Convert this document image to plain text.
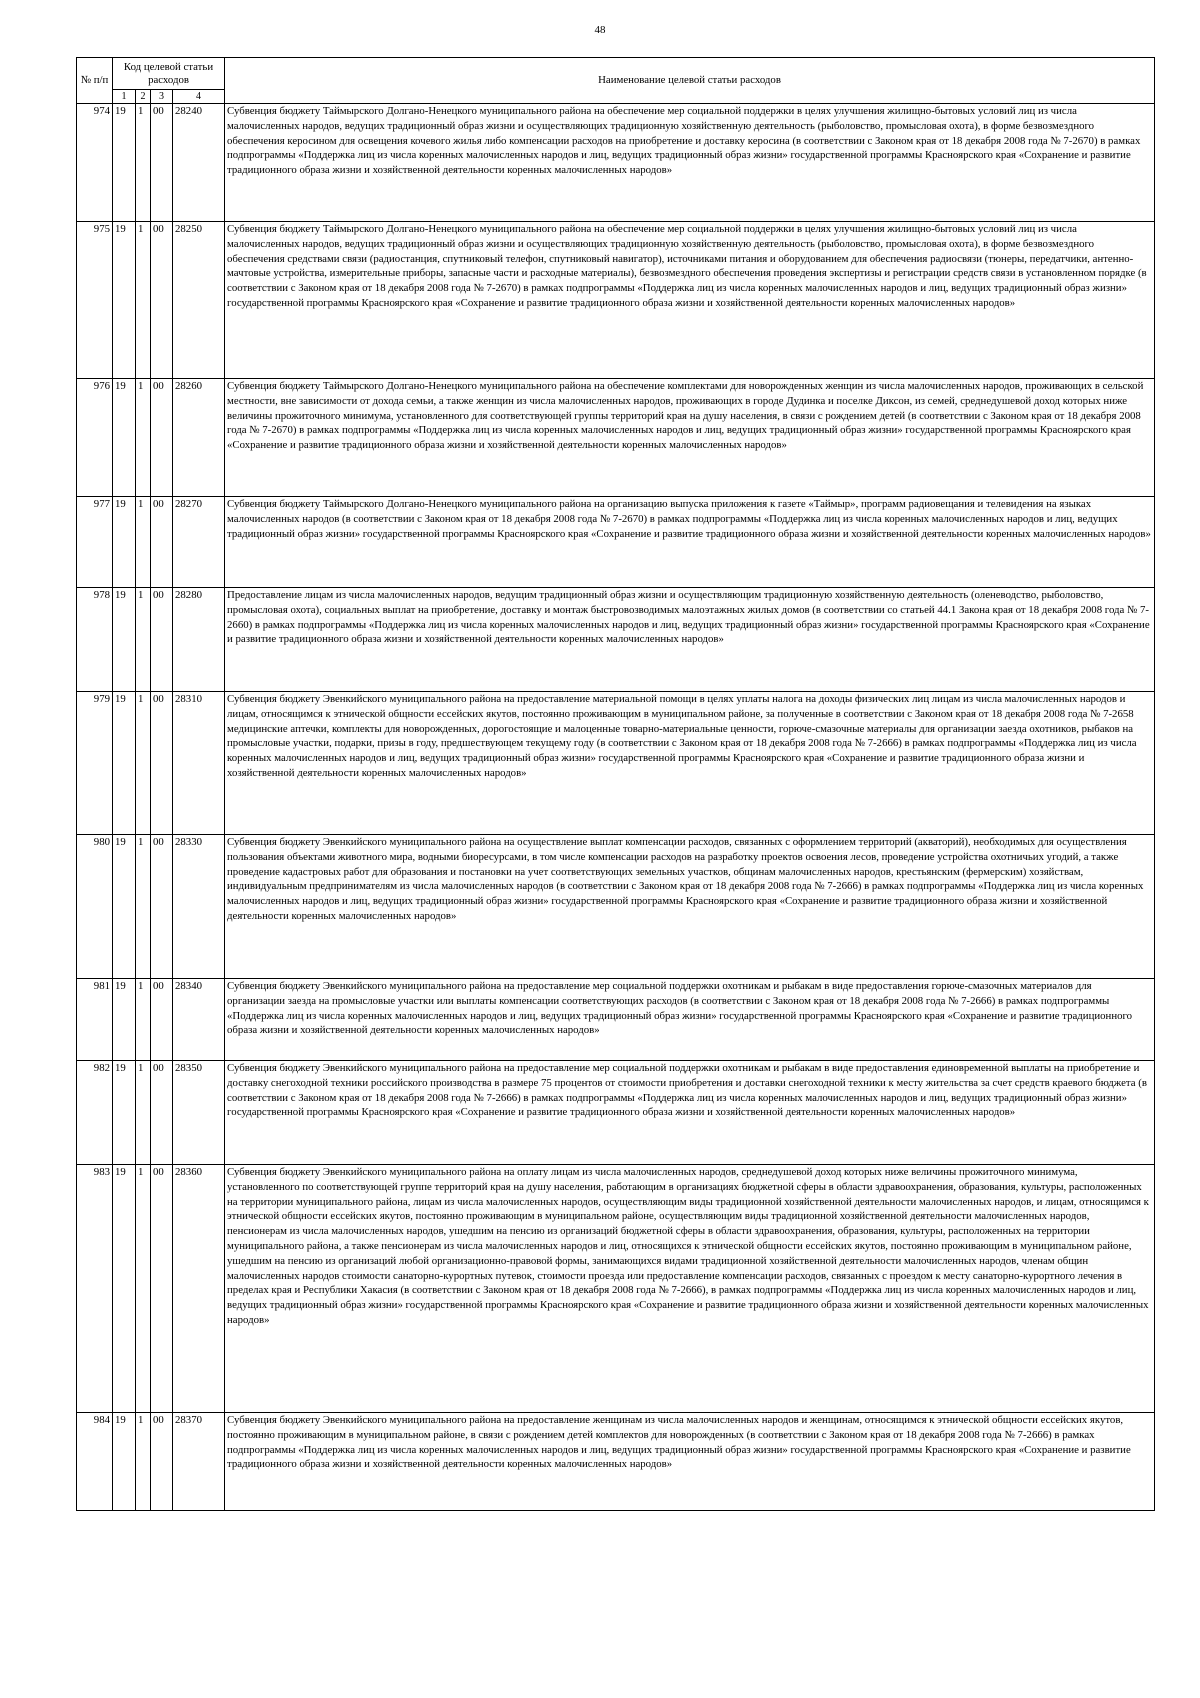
48
№ п/п	Код целевой статьи расходов				Наименование целевой статьи расходов
	1	2	3	4	
974	19	1	00	28240	Субвенция бюджету Таймырского Долгано-Ненецкого муниципального района на обеспечение мер социальной поддержки в целях улучшения жилищно-бытовых условий лиц из числа малочисленных народов, ведущих традиционный образ жизни и осуществляющих традиционную хозяйственную деятельность (рыболовство, промысловая охота), в форме безвозмездного обеспечения керосином для освещения кочевого жилья либо компенсации расходов на приобретение и доставку керосина (в соответствии с Законом края от 18 декабря 2008 года № 7-2670) в рамках подпрограммы «Поддержка лиц из числа коренных малочисленных народов и лиц, ведущих традиционный образ жизни» государственной программы Красноярского края «Сохранение и развитие традиционного образа жизни и хозяйственной деятельности коренных малочисленных народов»
975	19	1	00	28250	Субвенция бюджету Таймырского Долгано-Ненецкого муниципального района на обеспечение мер социальной поддержки в целях улучшения жилищно-бытовых условий лиц из числа малочисленных народов, ведущих традиционный образ жизни и осуществляющих традиционную хозяйственную деятельность (рыболовство, промысловая охота), в форме безвозмездного обеспечения средствами связи (радиостанция, спутниковый телефон, спутниковый навигатор), источниками питания и оборудованием для обеспечения радиосвязи (тюнеры, передатчики, антенно-мачтовые устройства, измерительные приборы, запасные части и расходные материалы), безвозмездного обеспечения проведения экспертизы и регистрации средств связи в установленном порядке (в соответствии с Законом края от 18 декабря 2008 года № 7-2670) в рамках подпрограммы «Поддержка лиц из числа коренных малочисленных народов и лиц, ведущих традиционный образ жизни» государственной программы Красноярского края «Сохранение и развитие традиционного образа жизни и хозяйственной деятельности коренных малочисленных народов»
976	19	1	00	28260	Субвенция бюджету Таймырского Долгано-Ненецкого муниципального района на обеспечение комплектами для новорожденных женщин из числа малочисленных народов, проживающих в сельской местности, вне зависимости от дохода семьи, а также женщин из числа малочисленных народов, проживающих в городе Дудинка и поселке Диксон, из семей, среднедушевой доход которых ниже величины прожиточного минимума, установленного для соответствующей группы территорий края на душу населения, в связи с рождением детей (в соответствии с Законом края от 18 декабря 2008 года № 7-2670) в рамках подпрограммы «Поддержка лиц из числа коренных малочисленных народов и лиц, ведущих традиционный образ жизни» государственной программы Красноярского края «Сохранение и развитие традиционного образа жизни и хозяйственной деятельности коренных малочисленных народов»
977	19	1	00	28270	Субвенция бюджету Таймырского Долгано-Ненецкого муниципального района на организацию выпуска приложения к газете «Таймыр», программ радиовещания и телевидения на языках малочисленных народов (в соответствии с Законом края от 18 декабря 2008 года № 7-2670) в рамках подпрограммы «Поддержка лиц из числа коренных малочисленных народов и лиц, ведущих традиционный образ жизни» государственной программы Красноярского края «Сохранение и развитие традиционного образа жизни и хозяйственной деятельности коренных малочисленных народов»
978	19	1	00	28280	Предоставление лицам из числа малочисленных народов, ведущим традиционный образ жизни и осуществляющим традиционную хозяйственную деятельность (оленеводство, рыболовство, промысловая охота), социальных выплат на приобретение, доставку и монтаж быстровозводимых малоэтажных жилых домов (в соответствии со статьей 44.1 Закона края от 18 декабря 2008 года № 7-2660) в рамках подпрограммы «Поддержка лиц из числа коренных малочисленных народов и лиц, ведущих традиционный образ жизни» государственной программы Красноярского края «Сохранение и развитие традиционного образа жизни и хозяйственной деятельности коренных малочисленных народов»
979	19	1	00	28310	Субвенция бюджету Эвенкийского муниципального района на предоставление материальной помощи в целях уплаты налога на доходы физических лиц лицам из числа малочисленных народов и лицам, относящимся к этнической общности ессейских якутов, постоянно проживающим в муниципальном районе, за полученные в соответствии с Законом края от 18 декабря 2008 года № 7-2658 медицинские аптечки, комплекты для новорожденных, дорогостоящие и малоценные товарно-материальные ценности, горюче-смазочные материалы для организации заезда охотников, рыбаков на промысловые участки, подарки, призы в году, предшествующем текущему году (в соответствии с Законом края от 18 декабря 2008 года № 7-2666) в рамках подпрограммы «Поддержка лиц из числа коренных малочисленных народов и лиц, ведущих традиционный образ жизни» государственной программы Красноярского края «Сохранение и развитие традиционного образа жизни и хозяйственной деятельности коренных малочисленных народов»
980	19	1	00	28330	Субвенция бюджету Эвенкийского муниципального района на осуществление выплат компенсации расходов, связанных с оформлением территорий (акваторий), необходимых для осуществления пользования объектами животного мира, водными биоресурсами, в том числе компенсации расходов на разработку проектов освоения лесов, проведение устройства охотничьих угодий, а также проведение кадастровых работ для образования и постановки на учет соответствующих земельных участков, общинам малочисленных народов, крестьянским (фермерским) хозяйствам, индивидуальным предпринимателям из числа малочисленных народов (в соответствии с Законом края от 18 декабря 2008 года № 7-2666) в рамках подпрограммы «Поддержка лиц из числа коренных малочисленных народов и лиц, ведущих традиционный образ жизни» государственной программы Красноярского края «Сохранение и развитие традиционного образа жизни и хозяйственной деятельности коренных малочисленных народов»
981	19	1	00	28340	Субвенция бюджету Эвенкийского муниципального района на предоставление мер социальной поддержки охотникам и рыбакам в виде предоставления горюче-смазочных материалов для организации заезда на промысловые участки или выплаты компенсации соответствующих расходов (в соответствии с Законом края от 18 декабря 2008 года № 7-2666) в рамках подпрограммы «Поддержка лиц из числа коренных малочисленных народов и лиц, ведущих традиционный образ жизни» государственной программы Красноярского края «Сохранение и развитие традиционного образа жизни и хозяйственной деятельности коренных малочисленных народов»
982	19	1	00	28350	Субвенция бюджету Эвенкийского муниципального района на предоставление мер социальной поддержки охотникам и рыбакам в виде предоставления единовременной выплаты на приобретение и доставку снегоходной техники российского производства в размере 75 процентов от стоимости приобретения и доставки снегоходной техники к месту жительства за счет средств краевого бюджета (в соответствии с Законом края от 18 декабря 2008 года № 7-2666) в рамках подпрограммы «Поддержка лиц из числа коренных малочисленных народов и лиц, ведущих традиционный образ жизни» государственной программы Красноярского края «Сохранение и развитие традиционного образа жизни и хозяйственной деятельности коренных малочисленных народов»
983	19	1	00	28360	Субвенция бюджету Эвенкийского муниципального района на оплату лицам из числа малочисленных народов, среднедушевой доход которых ниже величины прожиточного минимума, установленного по соответствующей группе территорий края на душу населения, работающим в организациях бюджетной сферы в области здравоохранения, образования, культуры, расположенных на территории муниципального района, лицам из числа малочисленных народов, осуществляющим виды традиционной хозяйственной деятельности малочисленных народов, и лицам, относящимся к этнической общности ессейских якутов, постоянно проживающим в муниципальном районе, осуществляющим виды традиционной хозяйственной деятельности малочисленных народов, пенсионерам из числа малочисленных народов, ушедшим на пенсию из организаций бюджетной сферы в области здравоохранения, образования, культуры, расположенных на территории муниципального района, а также пенсионерам из числа малочисленных народов и лиц, относящихся к этнической общности ессейских якутов, постоянно проживающим в муниципальном районе, ушедшим на пенсию из организаций любой организационно-правовой формы, занимающихся видами традиционной хозяйственной деятельности малочисленных народов, членам общин малочисленных народов стоимости санаторно-курортных путевок, стоимости проезда или предоставление компенсации расходов, связанных с проездом к месту санаторно-курортного лечения в пределах края и Республики Хакасия (в соответствии с Законом края от 18 декабря 2008 года № 7-2666), в рамках подпрограммы «Поддержка лиц из числа коренных малочисленных народов и лиц, ведущих традиционный образ жизни» государственной программы Красноярского края «Сохранение и развитие традиционного образа жизни и хозяйственной деятельности коренных малочисленных народов»
984	19	1	00	28370	Субвенция бюджету Эвенкийского муниципального района на предоставление женщинам из числа малочисленных народов и женщинам, относящимся к этнической общности ессейских якутов, постоянно проживающим в муниципальном районе, в связи с рождением детей комплектов для новорожденных (в соответствии с Законом края от 18 декабря 2008 года № 7-2666) в рамках подпрограммы «Поддержка лиц из числа коренных малочисленных народов и лиц, ведущих традиционный образ жизни» государственной программы Красноярского края «Сохранение и развитие традиционного образа жизни и хозяйственной деятельности коренных малочисленных народов»
